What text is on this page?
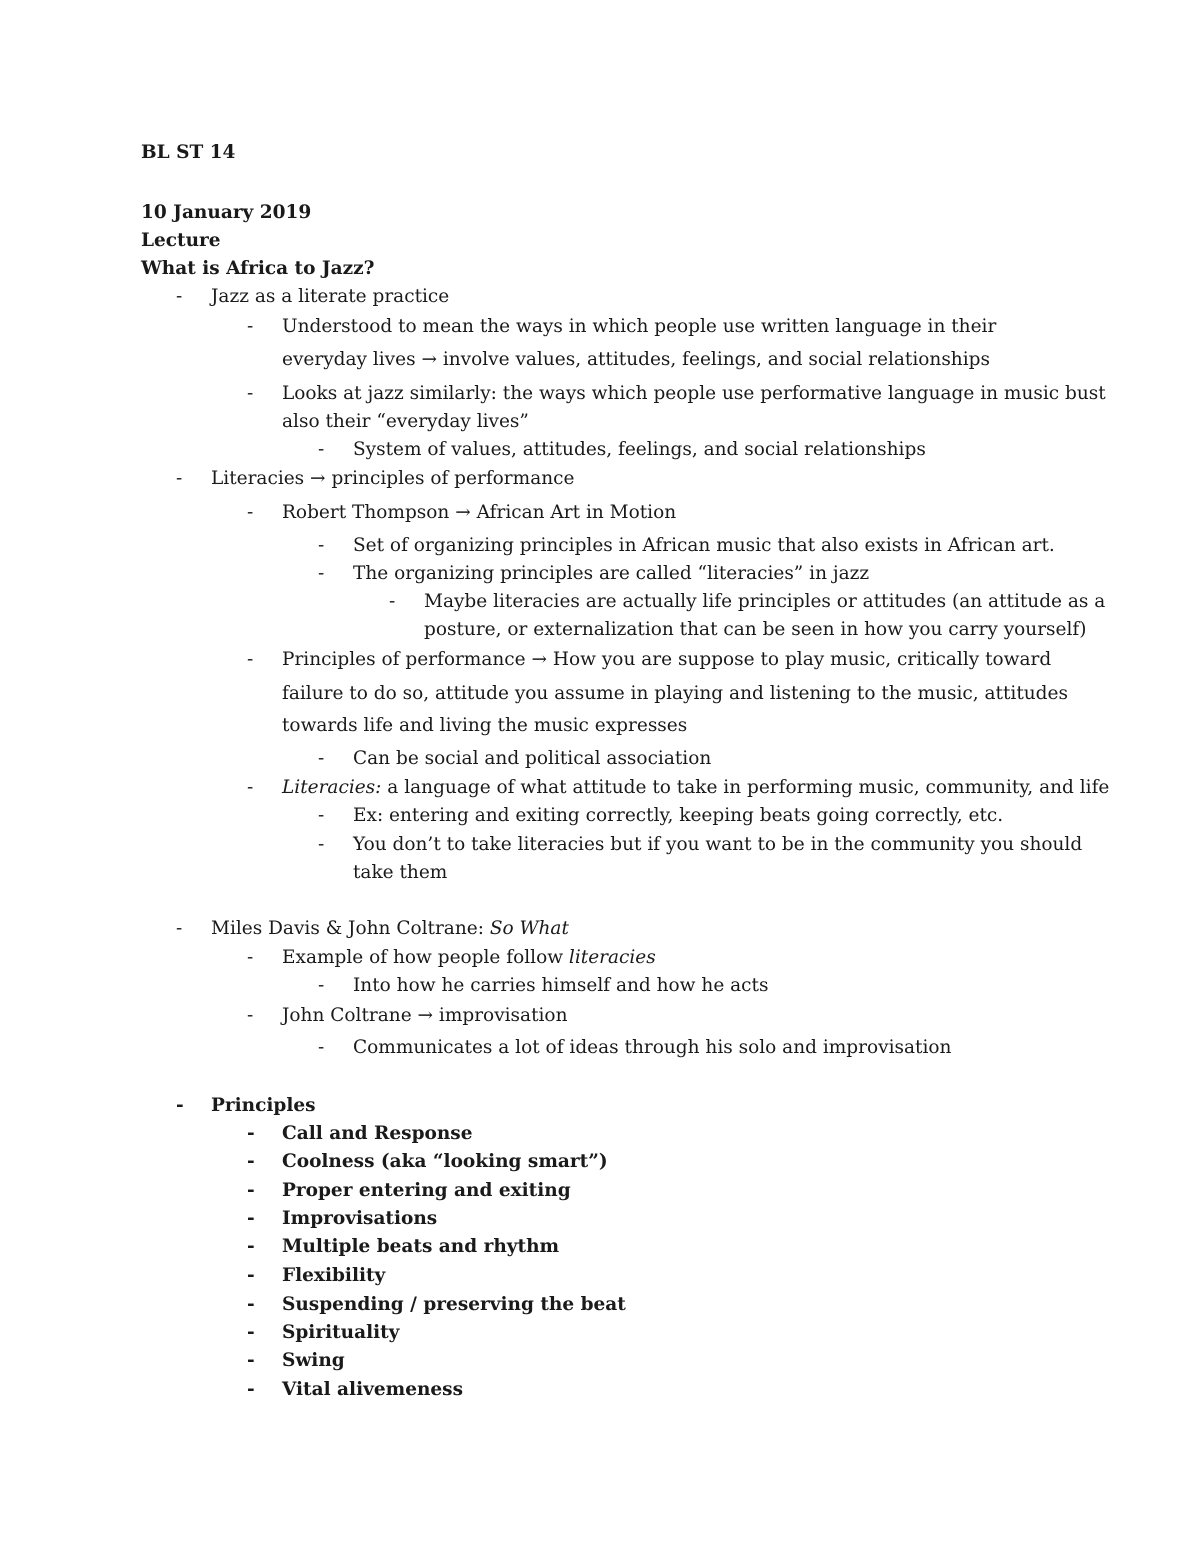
BL ST 14
10 January 2019
Lecture
What is Africa to Jazz?
- Jazz as a literate practice
- Understood to mean the ways in which people use written language in their
everyday lives → involve values, attitudes, feelings, and social relationships
- Looks at jazz similarly: the ways which people use performative language in music bust
also their “everyday lives”
- System of values, attitudes, feelings, and social relationships
- Literacies → principles of performance
- Robert Thompson → African Art in Motion
- Set of organizing principles in African music that also exists in African art.
- The organizing principles are called “literacies” in jazz
- Maybe literacies are actually life principles or attitudes (an attitude as a
posture, or externalization that can be seen in how you carry yourself)
- Principles of performance → How you are suppose to play music, critically toward
failure to do so, attitude you assume in playing and listening to the music, attitudes
towards life and living the music expresses
- Can be social and political association
- Literacies: a language of what attitude to take in performing music, community, and life
- Ex: entering and exiting correctly, keeping beats going correctly, etc.
- You don’t to take literacies but if you want to be in the community you should
take them
- Miles Davis & John Coltrane: So What
- Example of how people follow literacies
- Into how he carries himself and how he acts
- John Coltrane → improvisation
- Communicates a lot of ideas through his solo and improvisation
- Principles
- Call and Response
- Coolness (aka “looking smart”)
- Proper entering and exiting
- Improvisations
- Multiple beats and rhythm
- Flexibility
- Suspending / preserving the beat
- Spirituality
- Swing
- Vital alivemeness
